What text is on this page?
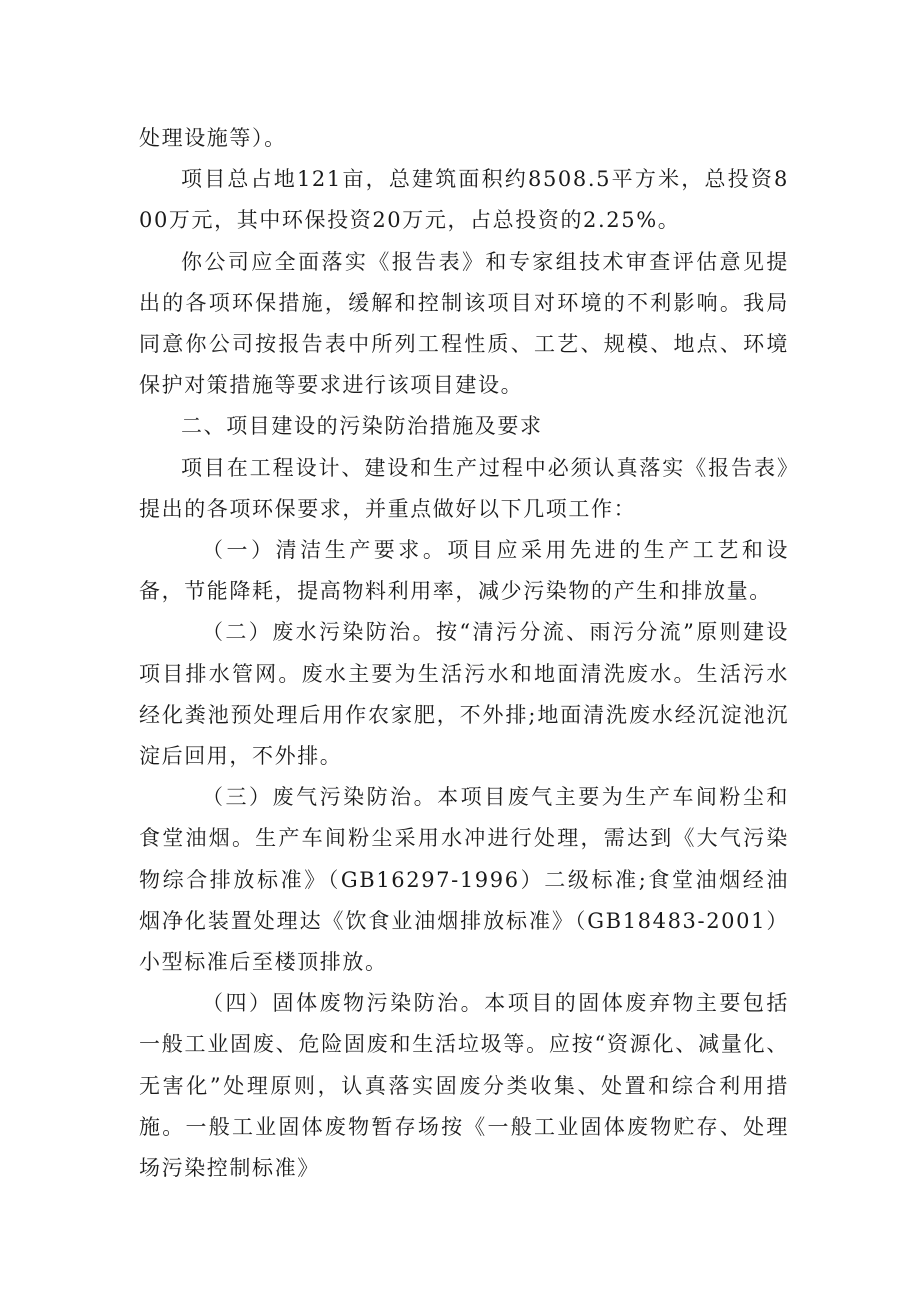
处理设施等）。

项目总占地121亩，总建筑面积约8508.5平方米，总投资800万元，其中环保投资20万元，占总投资的2.25%。

你公司应全面落实《报告表》和专家组技术审查评估意见提出的各项环保措施，缓解和控制该项目对环境的不利影响。我局同意你公司按报告表中所列工程性质、工艺、规模、地点、环境保护对策措施等要求进行该项目建设。

二、项目建设的污染防治措施及要求

项目在工程设计、建设和生产过程中必须认真落实《报告表》提出的各项环保要求，并重点做好以下几项工作：

（一）清洁生产要求。项目应采用先进的生产工艺和设备，节能降耗，提高物料利用率，减少污染物的产生和排放量。

（二）废水污染防治。按“清污分流、雨污分流”原则建设项目排水管网。废水主要为生活污水和地面清洗废水。生活污水经化粪池预处理后用作农家肥，不外排;地面清洗废水经沉淀池沉淀后回用，不外排。

（三）废气污染防治。本项目废气主要为生产车间粉尘和食堂油烟。生产车间粉尘采用水冲进行处理，需达到《大气污染物综合排放标准》（GB16297-1996）二级标准;食堂油烟经油烟净化装置处理达《饮食业油烟排放标准》（GB18483-2001）小型标准后至楼顶排放。

（四）固体废物污染防治。本项目的固体废弃物主要包括一般工业固废、危险固废和生活垃圾等。应按“资源化、减量化、无害化”处理原则，认真落实固废分类收集、处置和综合利用措施。一般工业固体废物暂存场按《一般工业固体废物贮存、处理场污染控制标准》
